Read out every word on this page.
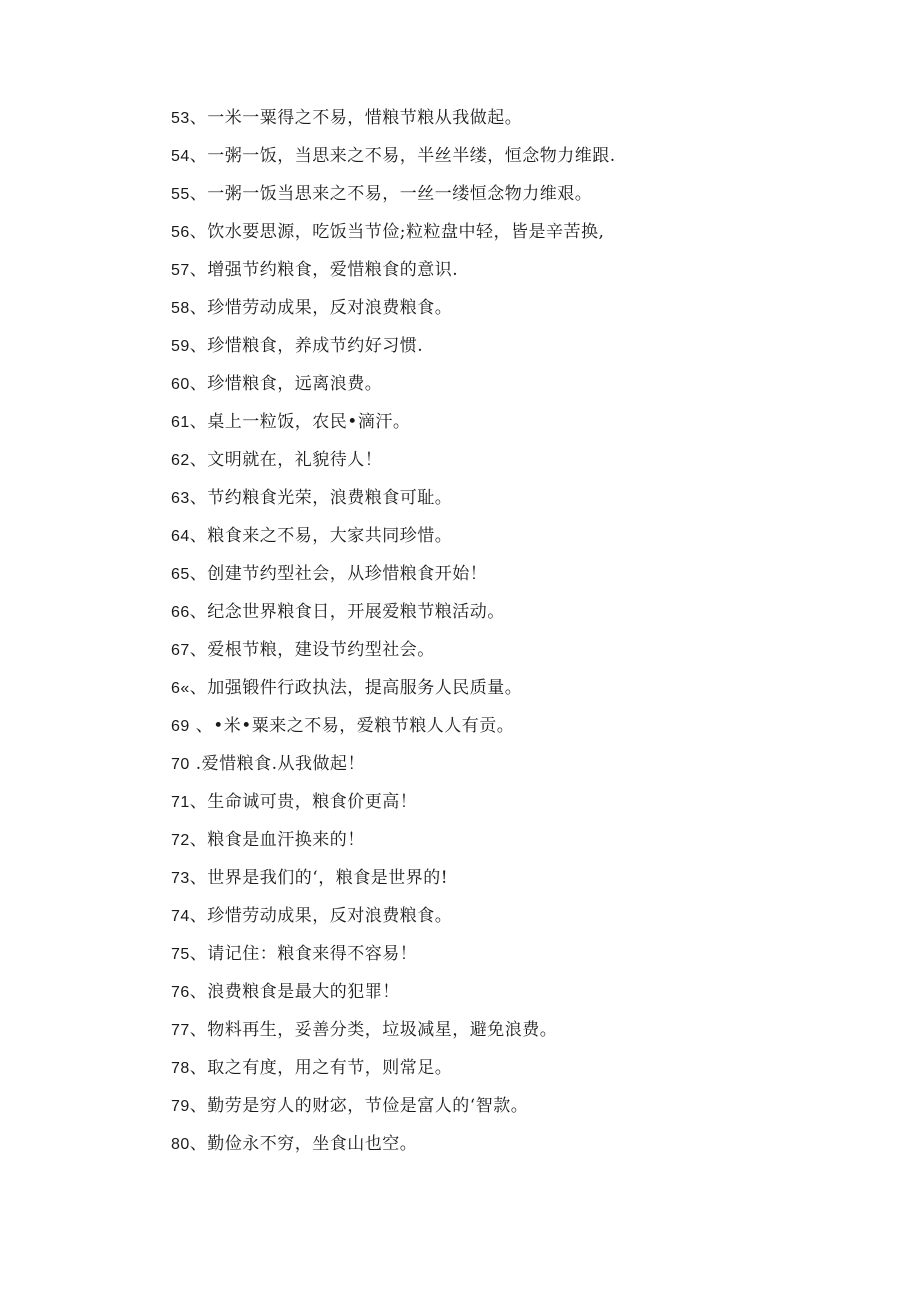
53、一米一粟得之不易，惜粮节粮从我做起。
54、一粥一饭，当思来之不易，半丝半缕，恒念物力维跟.
55、一粥一饭当思来之不易，一丝一缕恒念物力维艰。
56、饮水要思源，吃饭当节俭;粒粒盘中轻，皆是辛苦换,
57、增强节约粮食，爱惜粮食的意识.
58、珍惜劳动成果，反对浪费粮食。
59、珍惜粮食，养成节约好习惯.
60、珍惜粮食，远离浪费。
61、桌上一粒饭，农民•滴汗。
62、文明就在，礼貌待人！
63、节约粮食光荣，浪费粮食可耻。
64、粮食来之不易，大家共同珍惜。
65、创建节约型社会，从珍惜粮食开始！
66、纪念世界粮食日，开展爱粮节粮活动。
67、爱根节粮，建设节约型社会。
6«、加强锻件行政执法，提高服务人民质量。
69 、•米•粟来之不易，爱粮节粮人人有贡。
70 .爱惜粮食.从我做起！
71、生命诚可贵，粮食价更高！
72、粮食是血汗换来的！
73、世界是我们的‘，粮食是世界的!
74、珍惜劳动成果，反对浪费粮食。
75、请记住：粮食来得不容易！
76、浪费粮食是最大的犯罪！
77、物料再生，妥善分类，垃圾减星，避免浪费。
78、取之有度，用之有节，则常足。
79、勤劳是穷人的财宓，节俭是富人的‘智款。
80、勤俭永不穷，坐食山也空。
